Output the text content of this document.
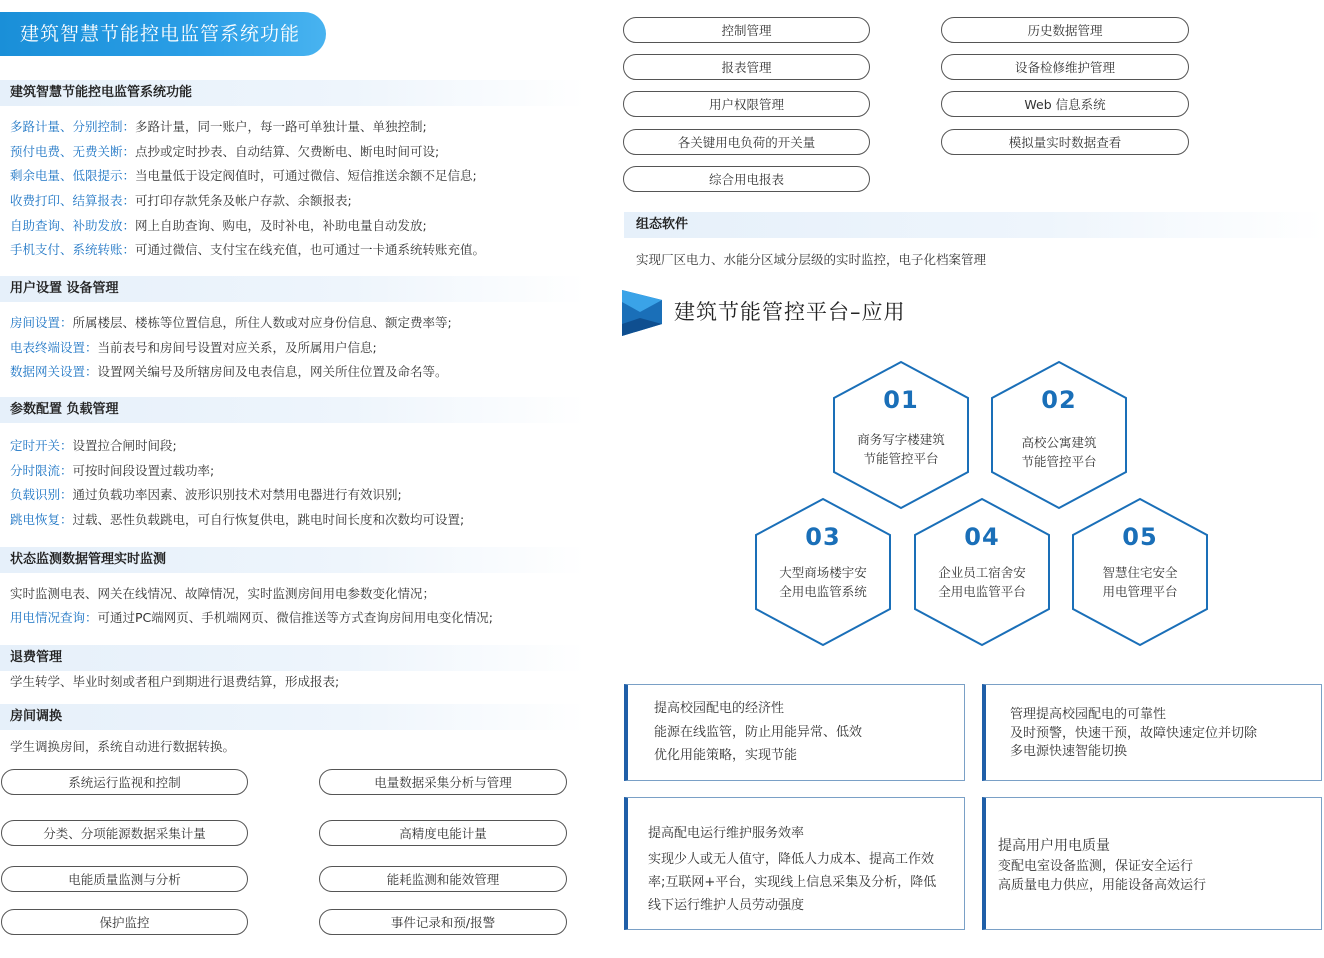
建筑智慧节能控电监管系统功能
建筑智慧节能控电监管系统功能
多路计量、分别控制：多路计量，同一账户，每一路可单独计量、单独控制;
预付电费、无费关断：点抄或定时抄表、自动结算、欠费断电、断电时间可设;
剩余电量、低限提示：当电量低于设定阀值时，可通过微信、短信推送余额不足信息;
收费打印、结算报表：可打印存款凭条及帐户存款、余额报表;
自助查询、补助发放：网上自助查询、购电，及时补电，补助电量自动发放;
手机支付、系统转账：可通过微信、支付宝在线充值，也可通过一卡通系统转账充值。
用户设置 设备管理
房间设置：所属楼层、楼栋等位置信息，所住人数或对应身份信息、额定费率等;
电表终端设置：当前表号和房间号设置对应关系，及所属用户信息;
数据网关设置：设置网关编号及所辖房间及电表信息，网关所住位置及命名等。
参数配置 负载管理
定时开关：设置拉合闸时间段;
分时限流：可按时间段设置过载功率;
负载识别：通过负载功率因素、波形识别技术对禁用电器进行有效识别;
跳电恢复：过载、恶性负载跳电，可自行恢复供电，跳电时间长度和次数均可设置;
状态监测数据管理实时监测
实时监测电表、网关在线情况、故障情况，实时监测房间用电参数变化情况；
用电情况查询：可通过PC端网页、手机端网页、微信推送等方式查询房间用电变化情况;
退费管理
学生转学、毕业时刻或者租户到期进行退费结算，形成报表;
房间调换
学生调换房间，系统自动进行数据转换。
系统运行监视和控制	电量数据采集分析与管理
分类、分项能源数据采集计量	高精度电能计量
电能质量监测与分析	能耗监测和能效管理
保护监控	事件记录和预/报警
控制管理	历史数据管理
报表管理	设备检修维护管理
用户权限管理	Web 信息系统
各关键用电负荷的开关量	模拟量实时数据查看
综合用电报表
组态软件
实现厂区电力、水能分区域分层级的实时监控，电子化档案管理
建筑节能管控平台–应用
01
商务写字楼建筑
节能管控平台
02
高校公寓建筑
节能管控平台
03
大型商场楼宇安
全用电监管系统
04
企业员工宿舍安
全用电监管平台
05
智慧住宅安全
用电管理平台
提高校园配电的经济性
能源在线监管，防止用能异常、低效
优化用能策略，实现节能
管理提高校园配电的可靠性
及时预警，快速干预，故障快速定位并切除
多电源快速智能切换
提高配电运行维护服务效率
实现少人或无人值守，降低人力成本、提高工作效
率;互联网+平台，实现线上信息采集及分析，降低
线下运行维护人员劳动强度
提高用户用电质量
变配电室设备监测，保证安全运行
高质量电力供应，用能设备高效运行
